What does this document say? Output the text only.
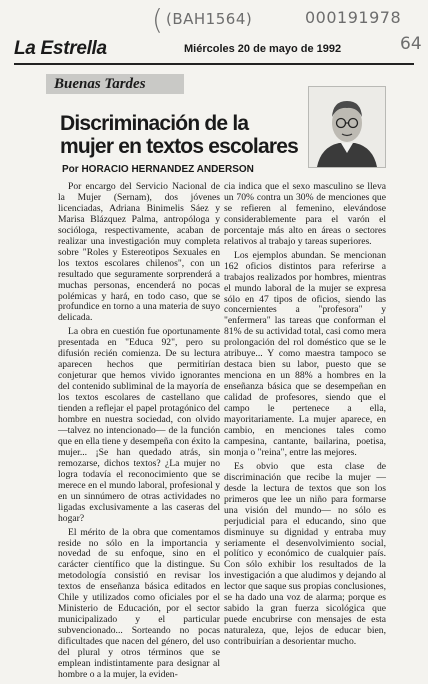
( (BAH1564)	000191978
64
La Estrella	Miércoles 20 de mayo de 1992
Buenas Tardes
Discriminación de la
mujer en textos escolares
Por HORACIO HERNANDEZ ANDERSON

Por encargo del Servicio Nacional de la Mujer (Sernam), dos jóvenes licenciadas, Adriana Binimelis Sáez y Marisa Blázquez Palma, antropóloga y socióloga, respectivamente, acaban de realizar una investigación muy completa sobre "Roles y Estereotipos Sexuales en los textos escolares chilenos", con un resultado que seguramente sorprenderá a muchas personas, encenderá no pocas polémicas y hará, en todo caso, que se profundice en torno a una materia de suyo delicada.

La obra en cuestión fue oportunamente presentada en "Educa 92", pero su difusión recién comienza. De su lectura aparecen hechos que permitirían conjeturar que hemos vivido ignorantes del contenido subliminal de la mayoría de los textos escolares de castellano que tienden a reflejar el papel protagónico del hombre en nuestra sociedad, con olvido —talvez no intencionado— de la función que en ella tiene y desempeña con éxito la mujer... ¡Se han quedado atrás, sin remozarse, dichos textos? ¿La mujer no logra todavía el reconocimiento que se merece en el mundo laboral, profesional y en un sinnúmero de otras actividades no ligadas exclusivamente a las caseras del hogar?

El mérito de la obra que comentamos reside no sólo en la importancia y novedad de su enfoque, sino en el carácter científico que la distingue. Su metodología consistió en revisar los textos de enseñanza básica editados en Chile y utilizados como oficiales por el Ministerio de Educación, por el sector municipalizado y el particular subvencionado... Sorteando no pocas dificultades que nacen del género, del uso del plural y otros términos que se emplean indistintamente para designar al hombre o a la mujer, la eviden-

cia indica que el sexo masculino se lleva un 70% contra un 30% de menciones que se refieren al femenino, elevándose considerablemente para el varón el porcentaje más alto en áreas o sectores relativos al trabajo y tareas superiores.

Los ejemplos abundan. Se mencionan 162 oficios distintos para referirse a trabajos realizados por hombres, mientras el mundo laboral de la mujer se expresa sólo en 47 tipos de oficios, siendo las concernientes a "profesora" y "enfermera" las tareas que conforman el 81% de su actividad total, casi como mera prolongación del rol doméstico que se le atribuye... Y como maestra tampoco se destaca bien su labor, puesto que se menciona en un 88% a hombres en la enseñanza básica que se desempeñan en calidad de profesores, siendo que el campo le pertenece a ella, mayoritariamente. La mujer aparece, en cambio, en menciones tales como campesina, cantante, bailarina, poetisa, monja o "reina", entre las mejores.

Es obvio que esta clase de discriminación que recibe la mujer —desde la lectura de textos que son los primeros que lee un niño para formarse una visión del mundo— no sólo es perjudicial para el educando, sino que disminuye su dignidad y entraba muy seriamente el desenvolvimiento social, político y económico de cualquier país. Con sólo exhibir los resultados de la investigación a que aludimos y dejando al lector que saque sus propias conclusiones, se ha dado una voz de alarma; porque es sabido la gran fuerza sicológica que puede encubrirse con mensajes de esta naturaleza, que, lejos de educar bien, contribuirían a desorientar mucho.
